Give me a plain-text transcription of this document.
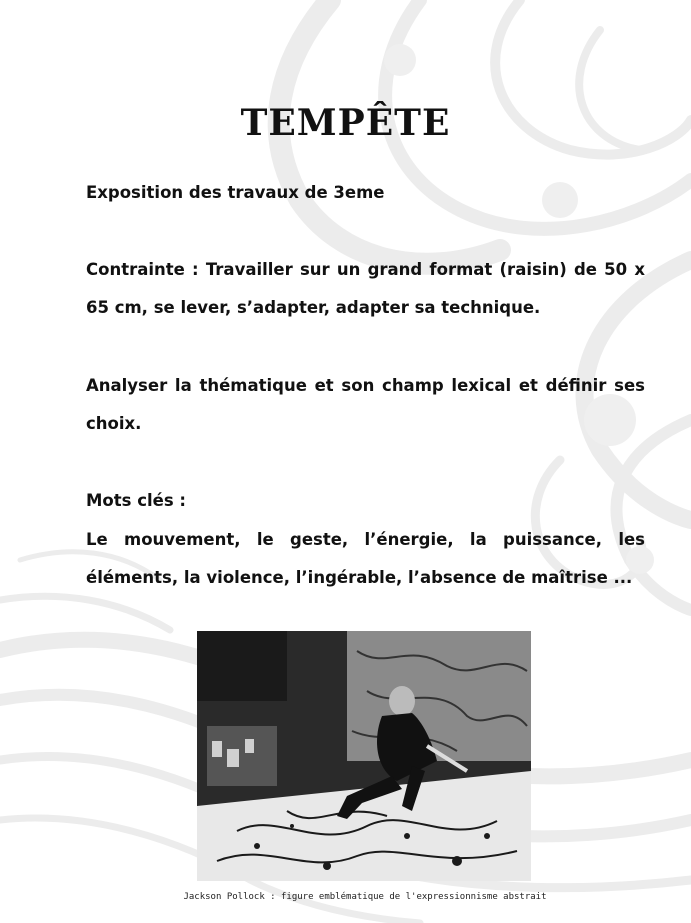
TEMPÊTE
Exposition des travaux de 3eme
Contrainte : Travailler sur un grand format (raisin) de 50 x 65 cm, se lever, s’adapter, adapter sa technique.
Analyser la thématique et son champ lexical et définir ses choix.
Mots clés :
Le mouvement, le geste, l’énergie, la puissance, les éléments, la violence, l’ingérable, l’absence de maîtrise ...
Jackson Pollock : figure emblématique de l'expressionnisme abstrait
